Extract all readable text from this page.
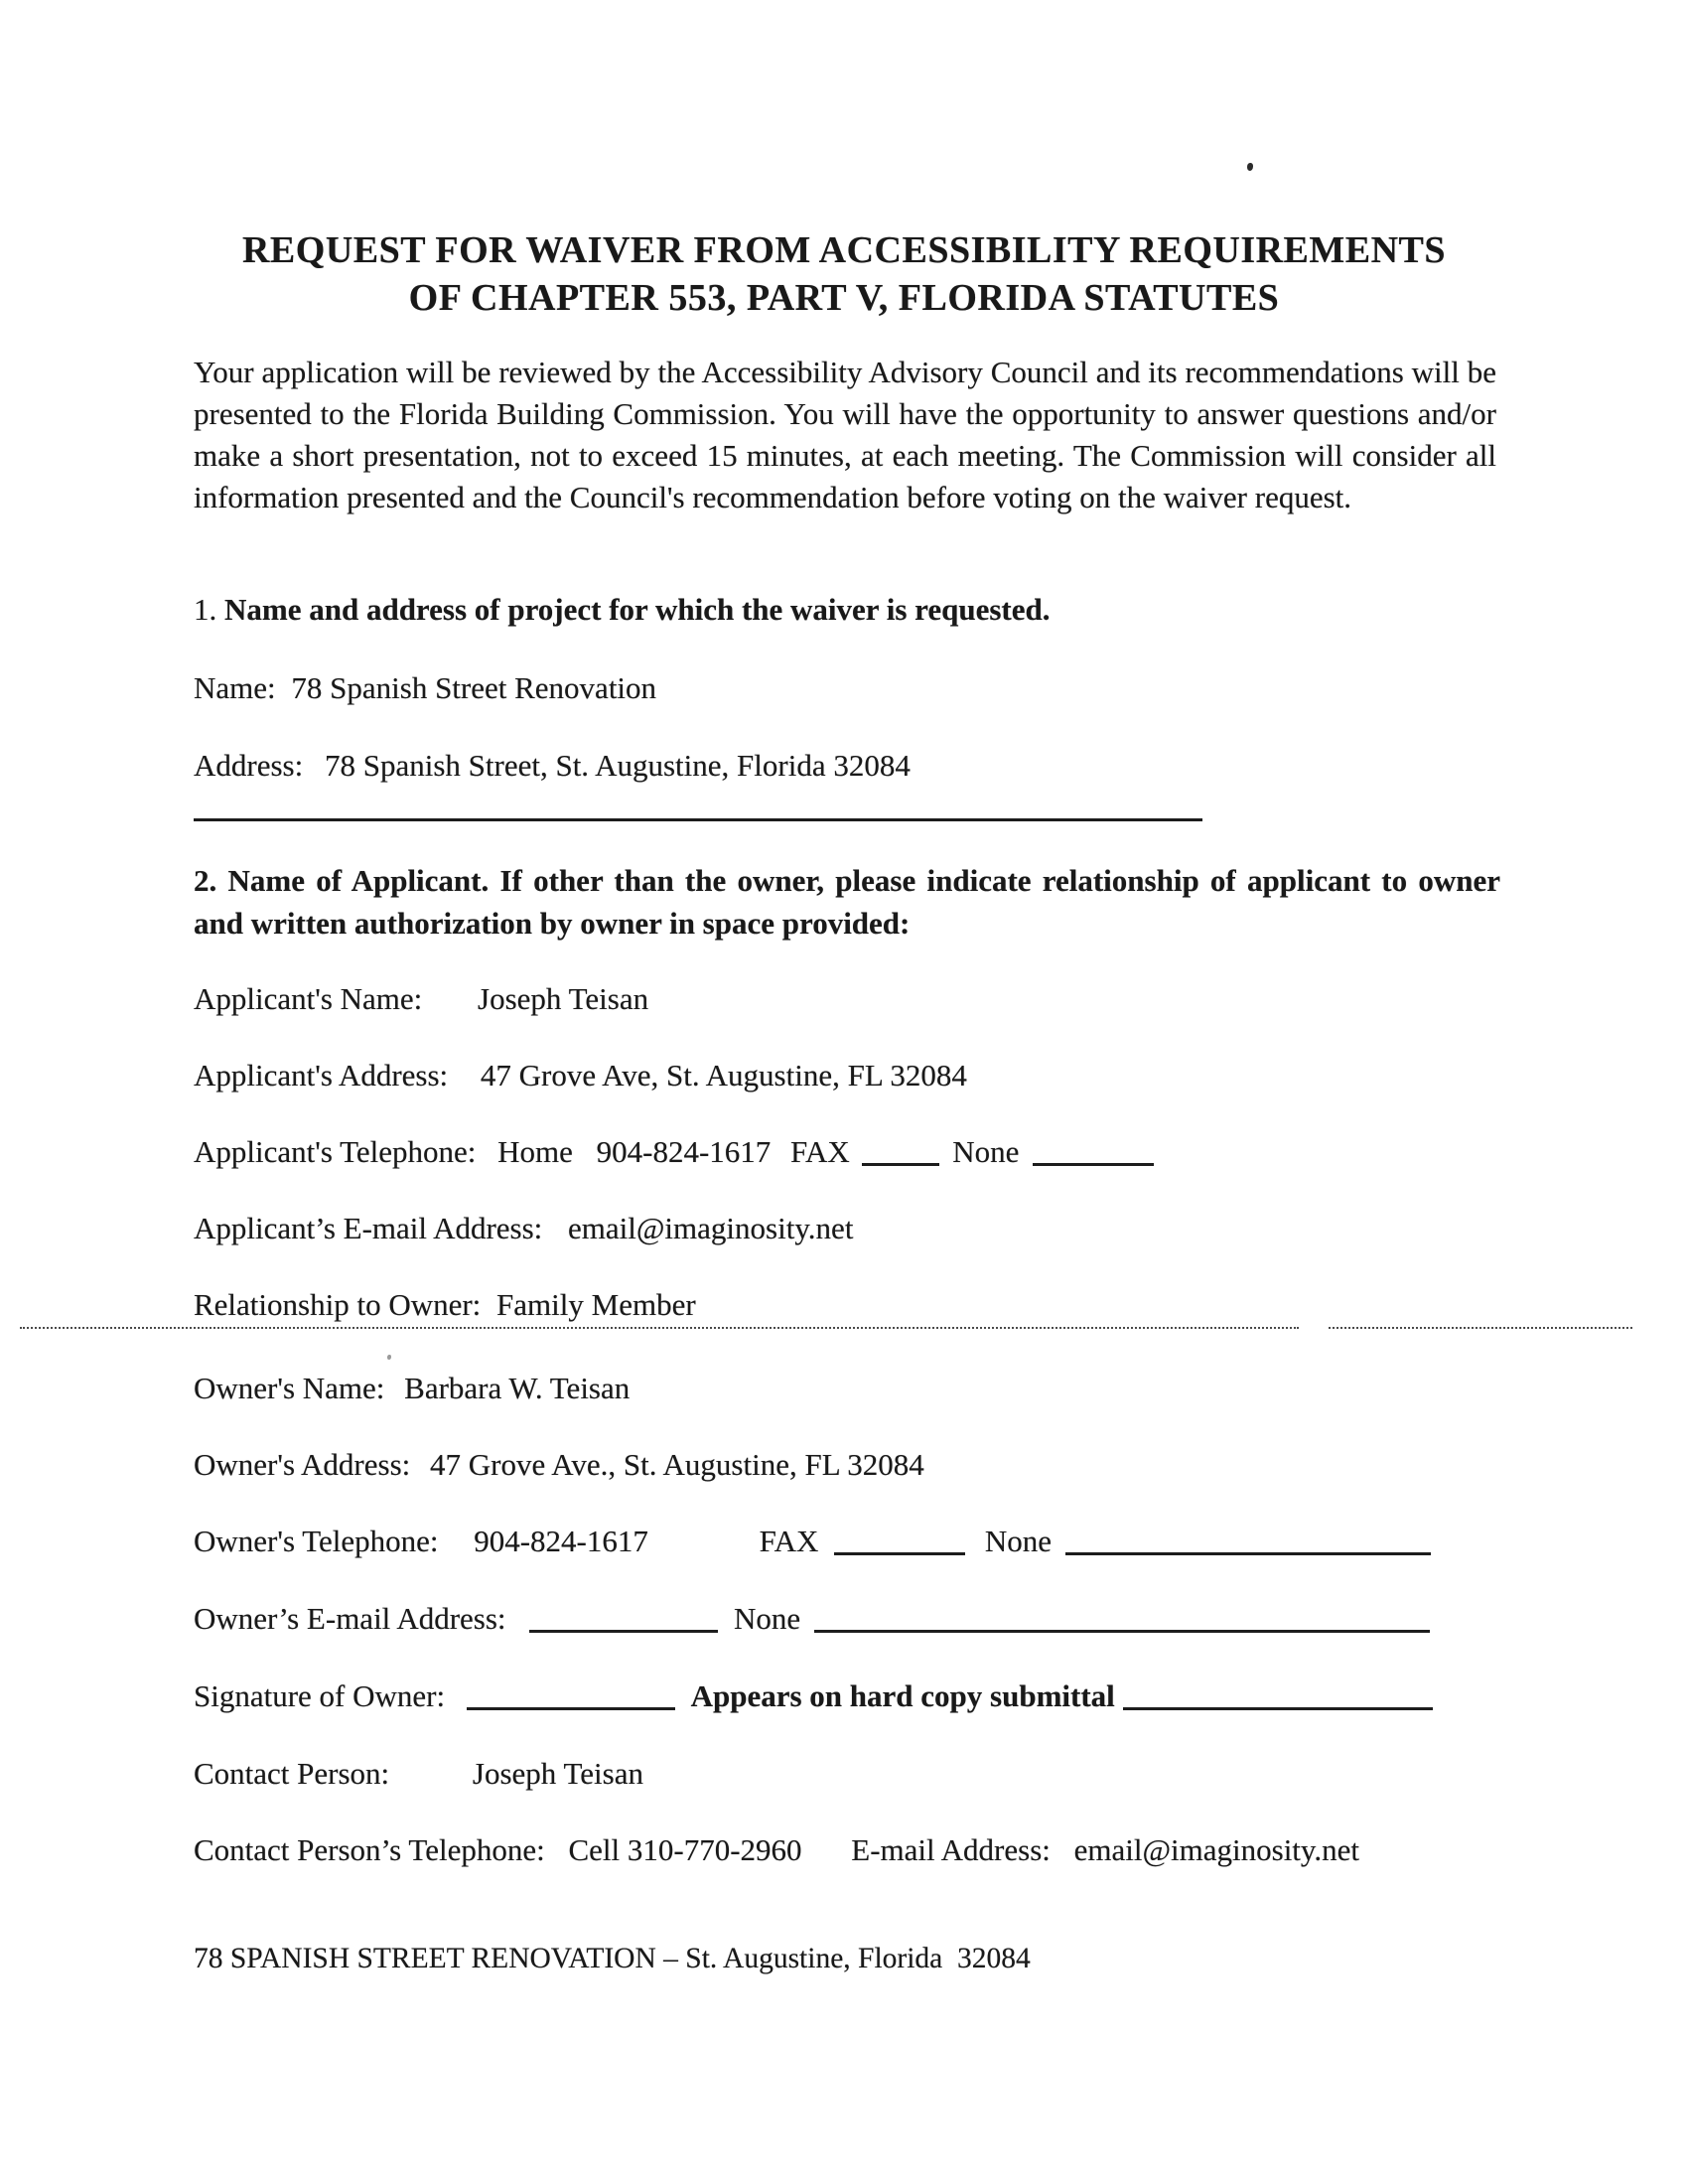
REQUEST FOR WAIVER FROM ACCESSIBILITY REQUIREMENTS
OF CHAPTER 553, PART V, FLORIDA STATUTES
Your application will be reviewed by the Accessibility Advisory Council and its recommendations will be presented to the Florida Building Commission. You will have the opportunity to answer questions and/or make a short presentation, not to exceed 15 minutes, at each meeting. The Commission will consider all information presented and the Council's recommendation before voting on the waiver request.
1. Name and address of project for which the waiver is requested.
Name: 78 Spanish Street Renovation
Address: 78 Spanish Street, St. Augustine, Florida 32084
2. Name of Applicant. If other than the owner, please indicate relationship of applicant to owner and written authorization by owner in space provided:
Applicant's Name: Joseph Teisan
Applicant's Address: 47 Grove Ave, St. Augustine, FL 32084
Applicant's Telephone: Home 904-824-1617 FAX	None
Applicant’s E-mail Address: email@imaginosity.net
Relationship to Owner: Family Member
Owner's Name: Barbara W. Teisan
Owner's Address: 47 Grove Ave., St. Augustine, FL 32084
Owner's Telephone: 904-824-1617	FAX	None
Owner’s E-mail Address:	None
Signature of Owner:	Appears on hard copy submittal
Contact Person:	Joseph Teisan
Contact Person’s Telephone: Cell 310-770-2960 E-mail Address: email@imaginosity.net
78 SPANISH STREET RENOVATION – St. Augustine, Florida  32084
